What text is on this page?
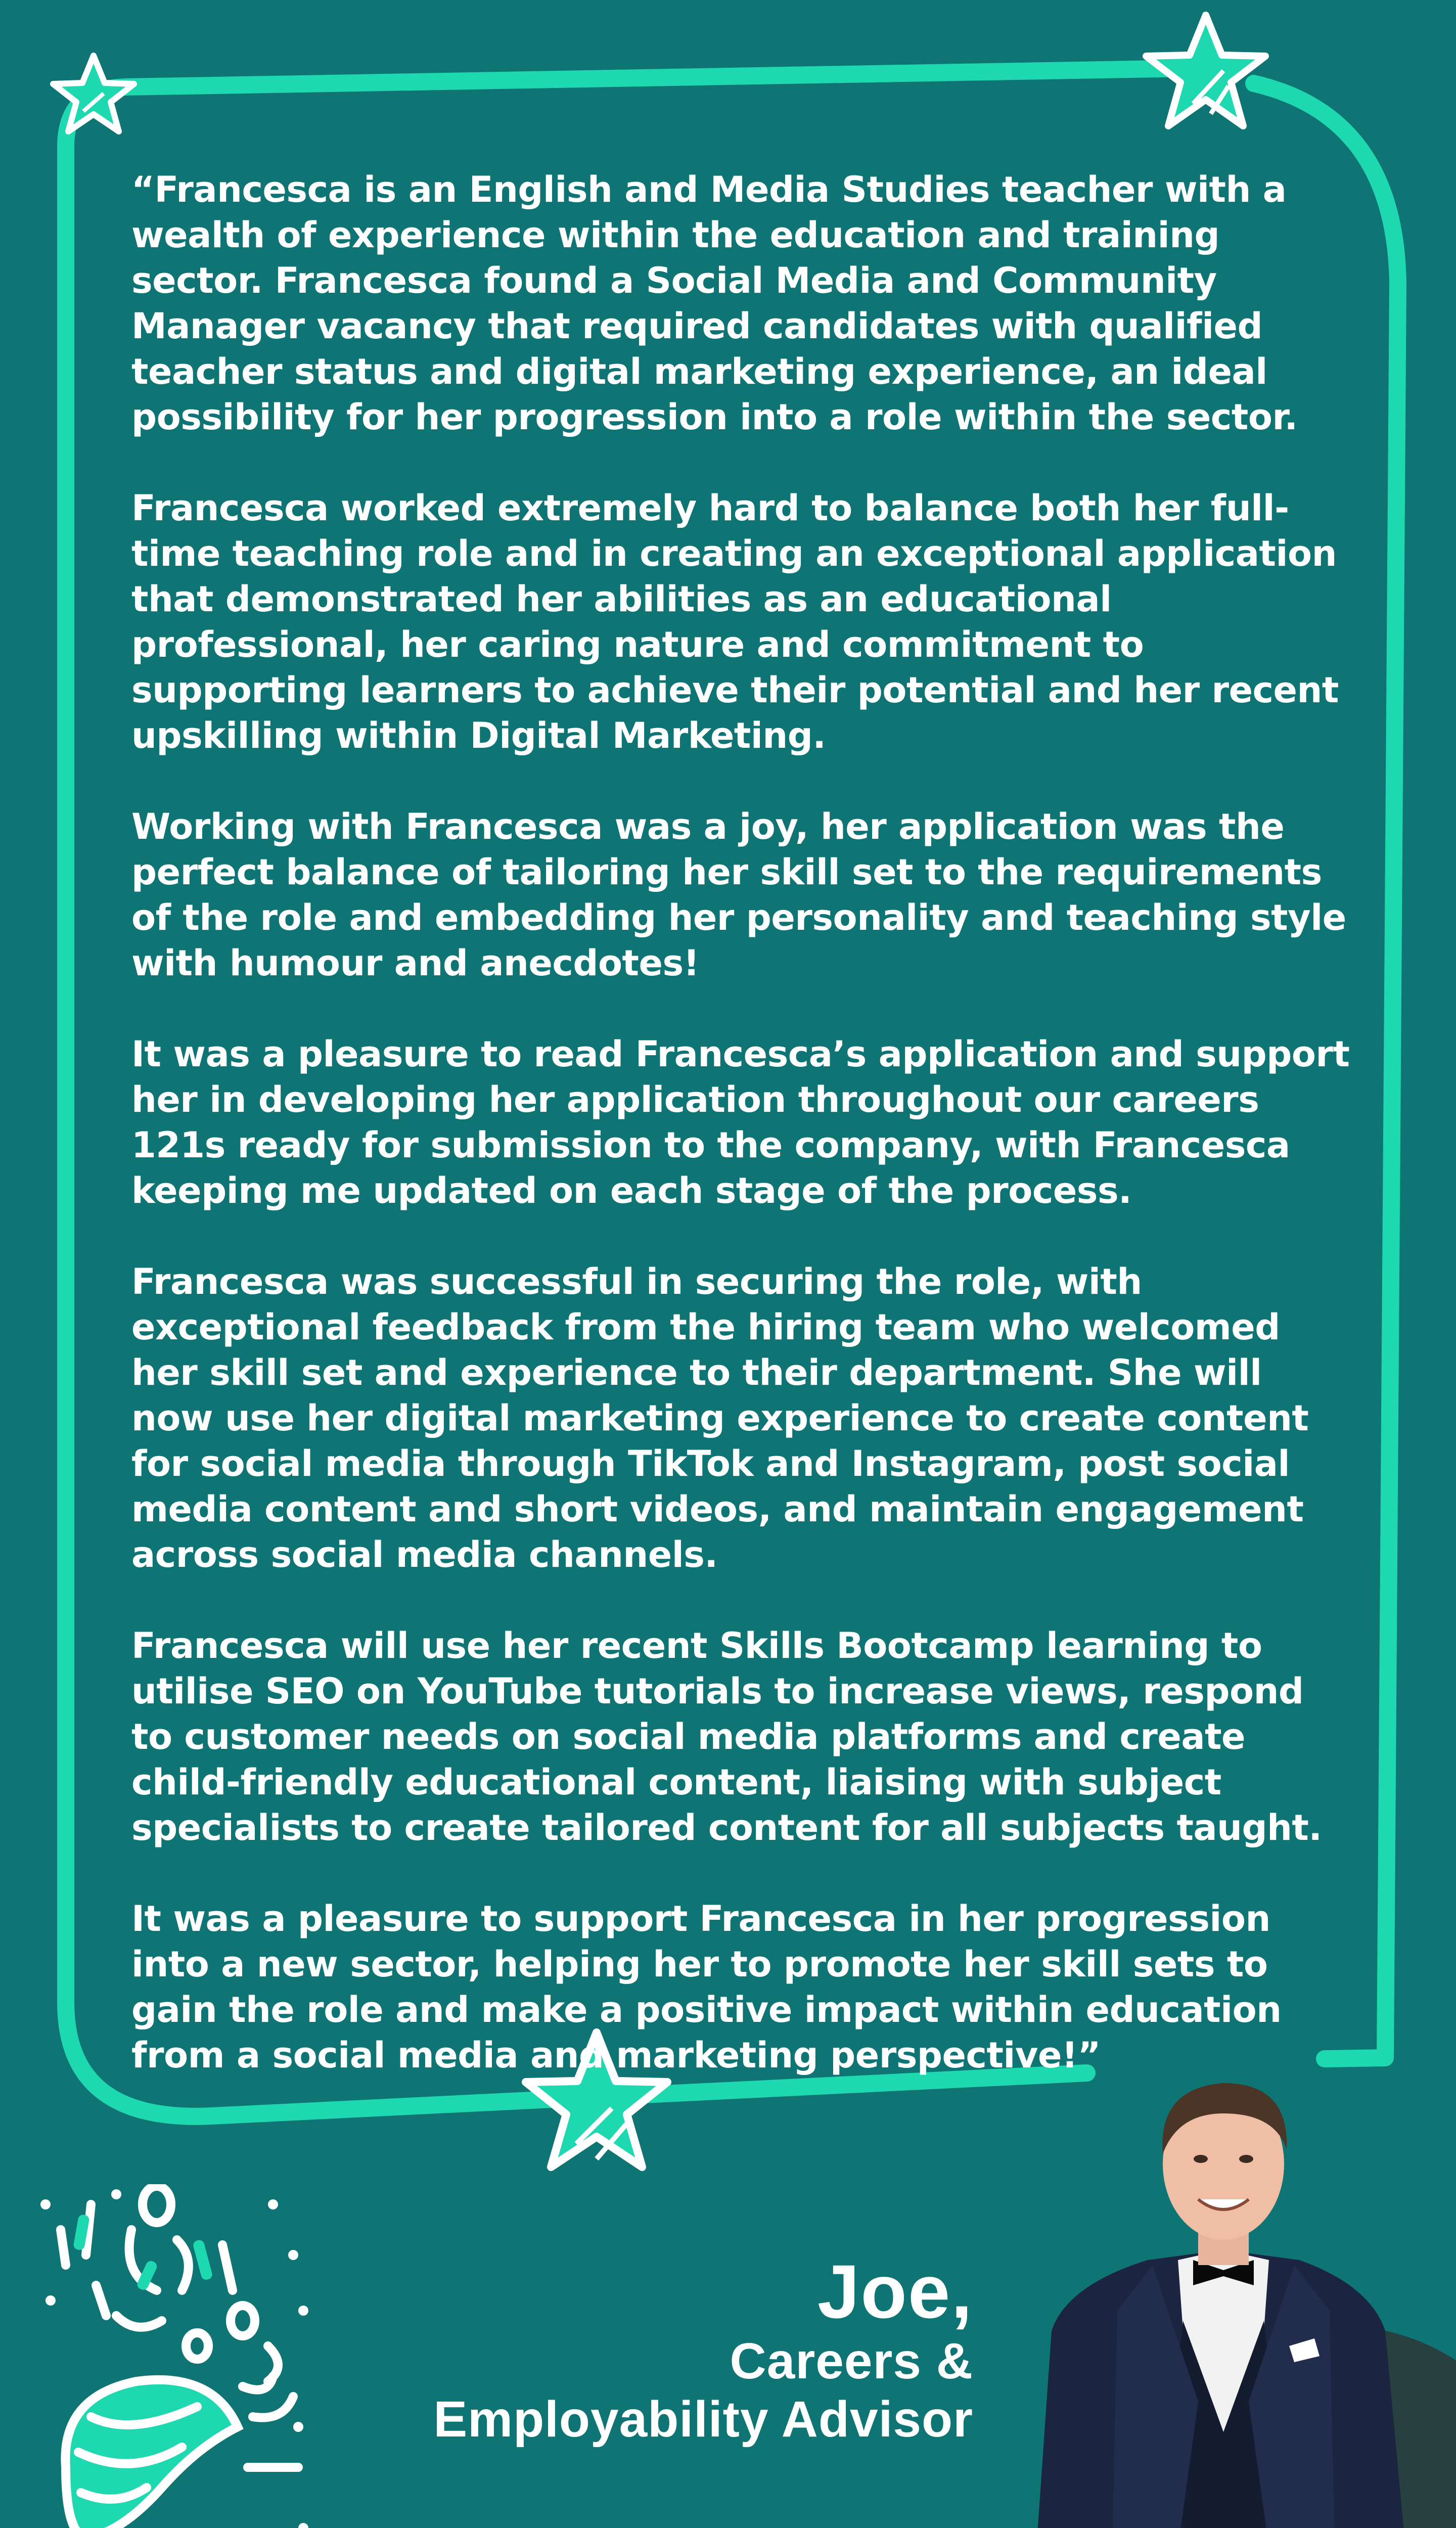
“Francesca is an English and Media Studies teacher with a wealth of experience within the education and training sector. Francesca found a Social Media and Community Manager vacancy that required candidates with qualified teacher status and digital marketing experience, an ideal possibility for her progression into a role within the sector.

Francesca worked extremely hard to balance both her full-time teaching role and in creating an exceptional application that demonstrated her abilities as an educational professional, her caring nature and commitment to supporting learners to achieve their potential and her recent upskilling within Digital Marketing.

Working with Francesca was a joy, her application was the perfect balance of tailoring her skill set to the requirements of the role and embedding her personality and teaching style with humour and anecdotes!

It was a pleasure to read Francesca’s application and support her in developing her application throughout our careers 121s ready for submission to the company, with Francesca keeping me updated on each stage of the process.

Francesca was successful in securing the role, with exceptional feedback from the hiring team who welcomed her skill set and experience to their department. She will now use her digital marketing experience to create content for social media through TikTok and Instagram, post social media content and short videos, and maintain engagement across social media channels.

Francesca will use her recent Skills Bootcamp learning to utilise SEO on YouTube tutorials to increase views, respond to customer needs on social media platforms and create child-friendly educational content, liaising with subject specialists to create tailored content for all subjects taught.

It was a pleasure to support Francesca in her progression into a new sector, helping her to promote her skill sets to gain the role and make a positive impact within education from a social media and marketing perspective!”

Joe,
Careers &
Employability Advisor
